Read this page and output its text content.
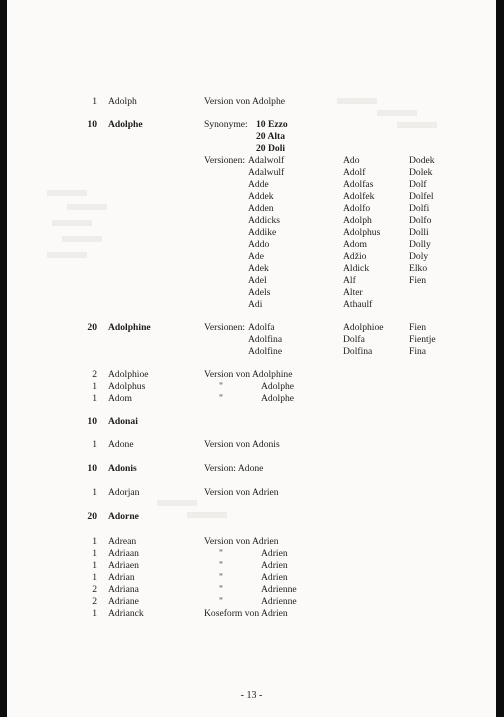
1 Adolph	Version von Adolphe
10 Adolphe	Synonyme: 10 Ezzo
20 Alta
20 Doli
Versionen: Adalwolf	Ado	Dodek
Adalwulf	Adolf	Dolek
Adde	Adolfas	Dolf
Addek	Adolfek	Dolfel
Adden	Adolfo	Dolfi
Addicks	Adolph	Dolfo
Addike	Adolphus	Dolli
Addo	Adom	Dolly
Ade	Adžio	Doly
Adek	Aldick	Elko
Adel	Alf	Fien
Adels	Alter
Adi	Athaulf
20 Adolphine	Versionen: Adolfa	Adolphioe	Fien
Adolfina	Dolfa	Fientje
Adolfine	Dolfina	Fina
2 Adolphioe	Version von Adolphine
1 Adolphus	"	Adolphe
1 Adom	"	Adolphe
10 Adonai
1 Adone	Version von Adonis
10 Adonis	Version: Adone
1 Adorjan	Version von Adrien
20 Adorne
1 Adrean	Version von Adrien
1 Adriaan	"	Adrien
1 Adriaen	"	Adrien
1 Adrian	"	Adrien
2 Adriana	"	Adrienne
2 Adriane	"	Adrienne
1 Adrianck	Koseform von Adrien
- 13 -
